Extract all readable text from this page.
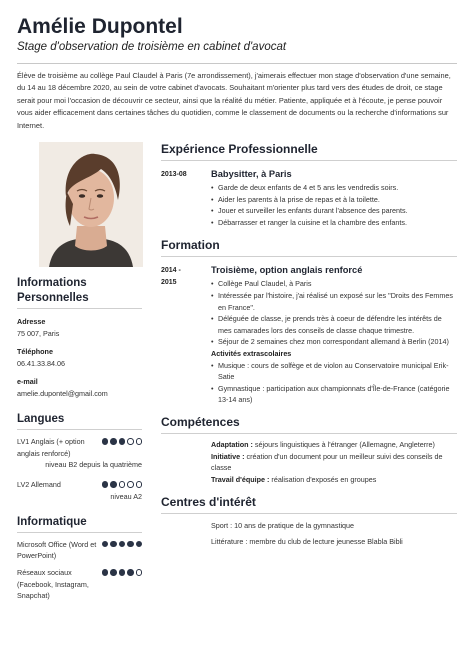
Amélie Dupontel
Stage d'observation de troisième en cabinet d'avocat

Élève de troisième au collège Paul Claudel à Paris (7e arrondissement), j'aimerais effectuer mon stage d'observation d'une semaine, du 14 au 18 décembre 2020, au sein de votre cabinet d'avocats. Souhaitant m'orienter plus tard vers des études de droit, ce stage serait pour moi l'occasion de découvrir ce secteur, ainsi que la réalité du métier. Patiente, appliquée et à l'écoute, je pense pouvoir vous aider efficacement dans certaines tâches du quotidien, comme le classement de documents ou la recherche d'informations sur Internet.

Informations Personnelles
Adresse
75 007, Paris
Téléphone
06.41.33.84.06
e-mail
amelie.dupontel@gmail.com
Langues
LV1 Anglais (+ option anglais renforcé)
niveau B2 depuis la quatrième
LV2 Allemand
niveau A2
Informatique
Microsoft Office (Word et PowerPoint)
Réseaux sociaux (Facebook, Instagram, Snapchat)
Expérience Professionnelle
2013-08	Babysitter, à Paris
• Garde de deux enfants de 4 et 5 ans les vendredis soirs.
• Aider les parents à la prise de repas et à la toilette.
• Jouer et surveiller les enfants durant l'absence des parents.
• Débarrasser et ranger la cuisine et la chambre des enfants.
Formation
2014 -
2015
Troisième, option anglais renforcé
• Collège Paul Claudel, à Paris
• Intéressée par l'histoire, j'ai réalisé un exposé sur les "Droits des Femmes en France".
• Déléguée de classe, je prends très à coeur de défendre les intérêts de mes camarades lors des conseils de classe chaque trimestre.
• Séjour de 2 semaines chez mon correspondant allemand à Berlin (2014)
Activités extrascolaires
• Musique : cours de solfège et de violon au Conservatoire municipal Erik-Satie
• Gymnastique : participation aux championnats d'Île-de-France (catégorie 13-14 ans)
Compétences
Adaptation : séjours linguistiques à l'étranger (Allemagne, Angleterre)
Initiative : création d'un document pour un meilleur suivi des conseils de classe
Travail d'équipe : réalisation d'exposés en groupes
Centres d'intérêt
Sport : 10 ans de pratique de la gymnastique
Littérature : membre du club de lecture jeunesse Blabla Bibli
